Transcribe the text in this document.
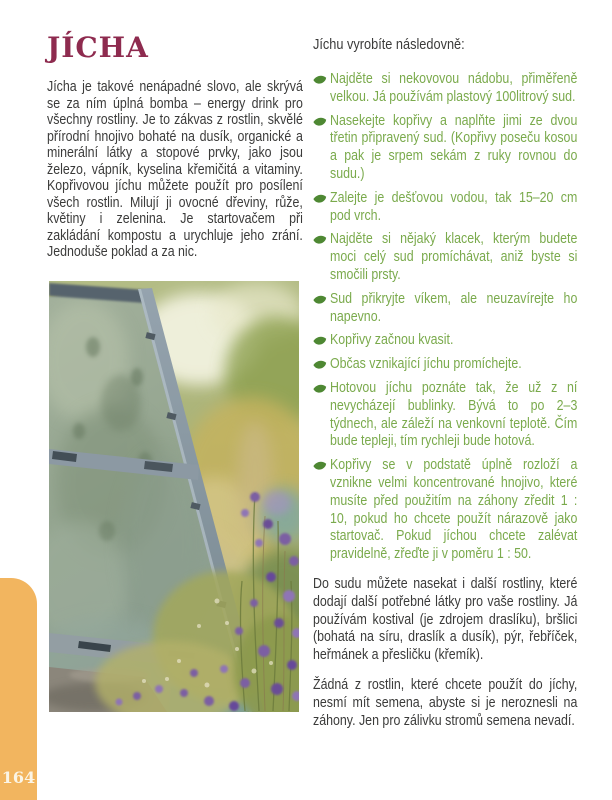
JÍCHA

Jícha je takové nenápadné slovo, ale skrývá se za ním úplná bomba – energy drink pro všechny rostliny. Je to zákvas z rostlin, skvělé přírodní hnojivo bohaté na dusík, organické a minerální látky a stopové prvky, jako jsou železo, vápník, kyselina křemičitá a vitaminy. Kopřivovou jíchu můžete použít pro posílení všech rostlin. Milují ji ovocné dřeviny, růže, květiny i zelenina. Je startovačem při zakládání kompostu a urychluje jeho zrání. Jednoduše poklad a za nic.

Jíchu vyrobíte následovně:

Najděte si nekovovou nádobu, přiměřeně velkou. Já používám plastový 100litrový sud.
Nasekejte kopřivy a naplňte jimi ze dvou třetin připravený sud. (Kopřivy poseču kosou a pak je srpem sekám z ruky rovnou do sudu.)
Zalejte je dešťovou vodou, tak 15–20 cm pod vrch.
Najděte si nějaký klacek, kterým budete moci celý sud promíchávat, aniž byste si smočili prsty.
Sud přikryjte víkem, ale neuzavírejte ho napevno.
Kopřivy začnou kvasit.
Občas vznikající jíchu promíchejte.
Hotovou jíchu poznáte tak, že už z ní nevycházejí bublinky. Bývá to po 2–3 týdnech, ale záleží na venkovní teplotě. Čím bude tepleji, tím rychleji bude hotová.
Kopřivy se v podstatě úplně rozloží a vznikne velmi koncentrované hnojivo, které musíte před použitím na záhony zředit 1 : 10, pokud ho chcete použít nárazově jako startovač. Pokud jíchou chcete zalévat pravidelně, zřeďte ji v poměru 1 : 50.

Do sudu můžete nasekat i další rostliny, které dodají další potřebné látky pro vaše rostliny. Já používám kostival (je zdrojem draslíku), bršlici (bohatá na síru, draslík a dusík), pýr, řebříček, heřmánek a přesličku (křemík).

Žádná z rostlin, které chcete použít do jíchy, nesmí mít semena, abyste si je neroznesli na záhony. Jen pro zálivku stromů semena nevadí.

164
